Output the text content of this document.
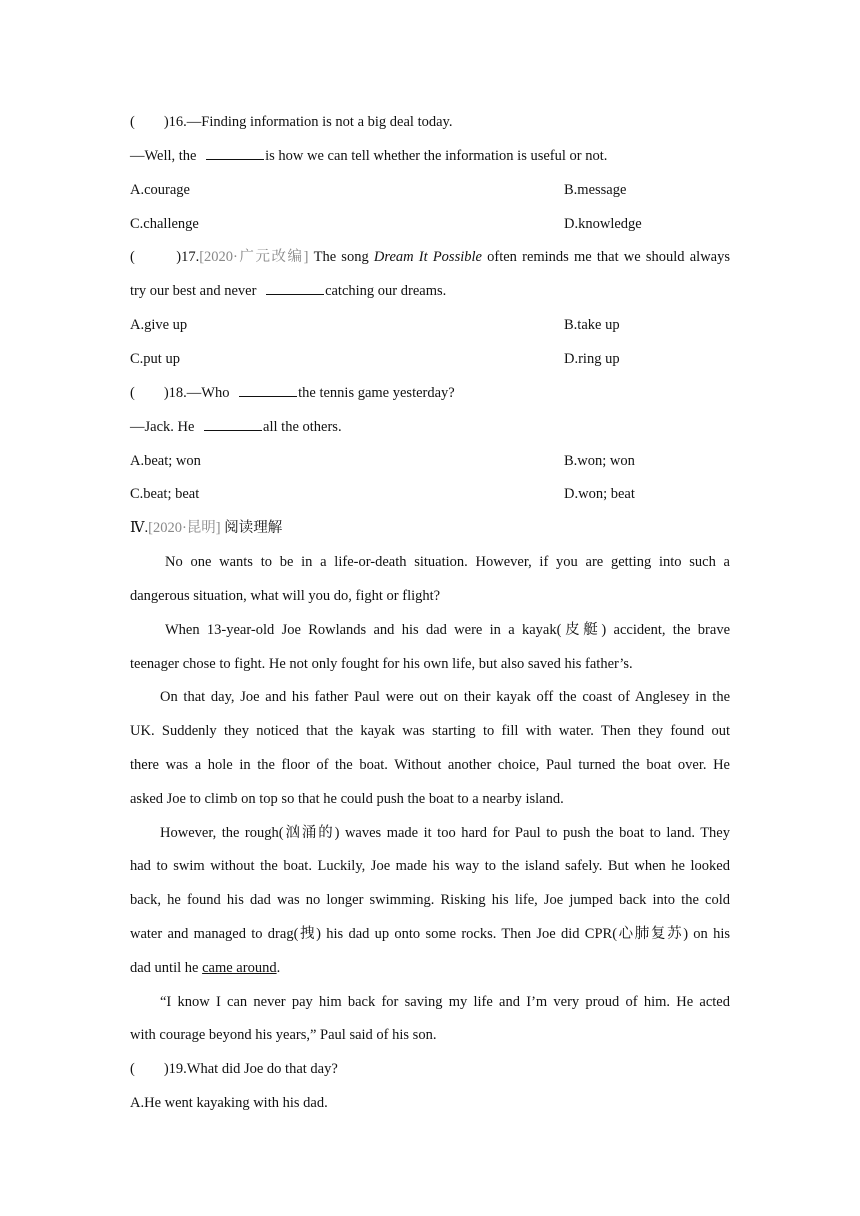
(        )16.—Finding information is not a big deal today.
—Well, the	is how we can tell whether the information is useful or not.
A.courage	B.message
C.challenge	D.knowledge
(        )17.[2020·广元改编] The song Dream It Possible often reminds me that we should always
try our best and never	catching our dreams.
A.give up	B.take up
C.put up	D.ring up
(        )18.—Who	the tennis game yesterday?
—Jack. He	all the others.
A.beat; won	B.won; won
C.beat; beat	D.won; beat
Ⅳ.[2020·昆明] 阅读理解
No one wants to be in a life-or-death situation. However, if you are getting into such a
dangerous situation, what will you do, fight or flight?
When 13-year-old Joe Rowlands and his dad were in a kayak(皮艇) accident, the brave
teenager chose to fight. He not only fought for his own life, but also saved his father’s.
On that day, Joe and his father Paul were out on their kayak off the coast of Anglesey in the
UK. Suddenly they noticed that the kayak was starting to fill with water. Then they found out
there was a hole in the floor of the boat. Without another choice, Paul turned the boat over. He
asked Joe to climb on top so that he could push the boat to a nearby island.
However, the rough(汹涌的) waves made it too hard for Paul to push the boat to land. They
had to swim without the boat. Luckily, Joe made his way to the island safely. But when he looked
back, he found his dad was no longer swimming. Risking his life, Joe jumped back into the cold
water and managed to drag(拽) his dad up onto some rocks. Then Joe did CPR(心肺复苏) on his
dad until he came around.
“I know I can never pay him back for saving my life and I’m very proud of him. He acted
with courage beyond his years,” Paul said of his son.
(        )19.What did Joe do that day?
A.He went kayaking with his dad.
